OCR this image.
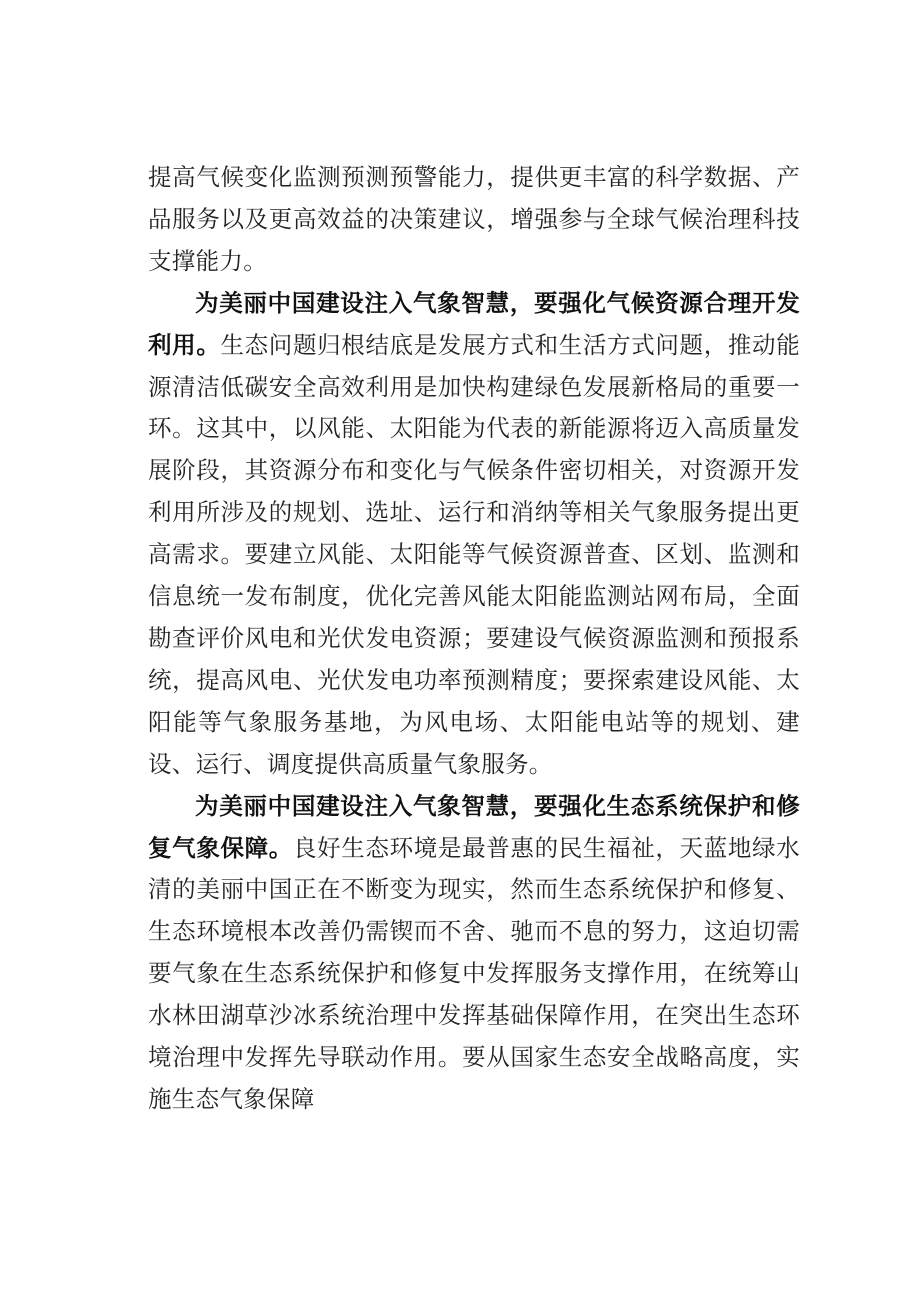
提高气候变化监测预测预警能力，提供更丰富的科学数据、产品服务以及更高效益的决策建议，增强参与全球气候治理科技支撑能力。

为美丽中国建设注入气象智慧，要强化气候资源合理开发利用。生态问题归根结底是发展方式和生活方式问题，推动能源清洁低碳安全高效利用是加快构建绿色发展新格局的重要一环。这其中，以风能、太阳能为代表的新能源将迈入高质量发展阶段，其资源分布和变化与气候条件密切相关，对资源开发利用所涉及的规划、选址、运行和消纳等相关气象服务提出更高需求。要建立风能、太阳能等气候资源普查、区划、监测和信息统一发布制度，优化完善风能太阳能监测站网布局，全面勘查评价风电和光伏发电资源；要建设气候资源监测和预报系统，提高风电、光伏发电功率预测精度；要探索建设风能、太阳能等气象服务基地，为风电场、太阳能电站等的规划、建设、运行、调度提供高质量气象服务。

为美丽中国建设注入气象智慧，要强化生态系统保护和修复气象保障。良好生态环境是最普惠的民生福祉，天蓝地绿水清的美丽中国正在不断变为现实，然而生态系统保护和修复、生态环境根本改善仍需锲而不舍、驰而不息的努力，这迫切需要气象在生态系统保护和修复中发挥服务支撑作用，在统筹山水林田湖草沙冰系统治理中发挥基础保障作用，在突出生态环境治理中发挥先导联动作用。要从国家生态安全战略高度，实施生态气象保障
